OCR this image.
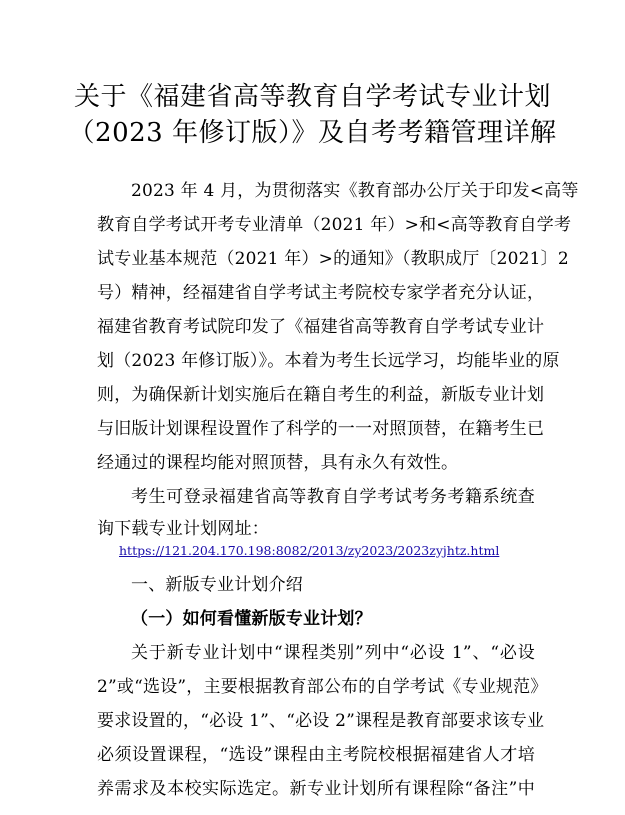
关于《福建省高等教育自学考试专业计划
（2023 年修订版）》及自考考籍管理详解
2023 年 4 月，为贯彻落实《教育部办公厅关于印发<高等
教育自学考试开考专业清单（2021 年）>和<高等教育自学考
试专业基本规范（2021 年）>的通知》（教职成厅〔2021〕2
号）精神，经福建省自学考试主考院校专家学者充分认证，
福建省教育考试院印发了《福建省高等教育自学考试专业计
划（2023 年修订版）》。本着为考生长远学习，均能毕业的原
则，为确保新计划实施后在籍自考生的利益，新版专业计划
与旧版计划课程设置作了科学的一一对照顶替，在籍考生已
经通过的课程均能对照顶替，具有永久有效性。
考生可登录福建省高等教育自学考试考务考籍系统查
询下载专业计划网址：
https://121.204.170.198:8082/2013/zy2023/2023zyjhtz.html
一、新版专业计划介绍
（一）如何看懂新版专业计划？
关于新专业计划中“课程类别”列中“必设 1”、“必设
2”或“选设”，主要根据教育部公布的自学考试《专业规范》
要求设置的，“必设 1”、“必设 2”课程是教育部要求该专业
必须设置课程，“选设”课程由主考院校根据福建省人才培
养需求及本校实际选定。新专业计划所有课程除“备注”中
